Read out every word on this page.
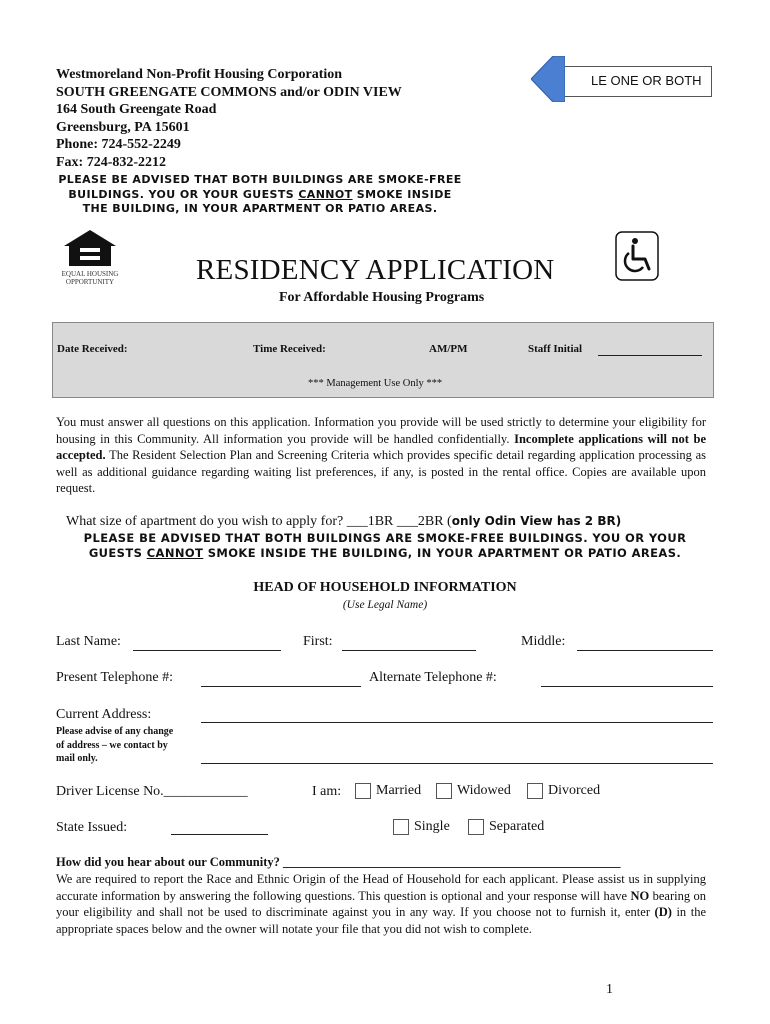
Westmoreland Non-Profit Housing Corporation
SOUTH GREENGATE COMMONS and/or ODIN VIEW
164 South Greengate Road
Greensburg, PA 15601
Phone: 724-552-2249
Fax: 724-832-2212
LE ONE OR BOTH
PLEASE BE ADVISED THAT BOTH BUILDINGS ARE SMOKE-FREE
BUILDINGS. YOU OR YOUR GUESTS CANNOT SMOKE INSIDE
THE BUILDING, IN YOUR APARTMENT OR PATIO AREAS.
EQUAL HOUSING
OPPORTUNITY	RESIDENCY APPLICATION
For Affordable Housing Programs
Date Received:	Time Received:	AM/PM	Staff Initial
*** Management Use Only ***
You must answer all questions on this application. Information you provide will be used strictly to determine your eligibility for housing in this Community. All information you provide will be handled confidentially. Incomplete applications will not be accepted. The Resident Selection Plan and Screening Criteria which provides specific detail regarding application processing as well as additional guidance regarding waiting list preferences, if any, is posted in the rental office. Copies are available upon request.
What size of apartment do you wish to apply for? ___1BR ___2BR (only Odin View has 2 BR)
PLEASE BE ADVISED THAT BOTH BUILDINGS ARE SMOKE-FREE BUILDINGS. YOU OR YOUR
GUESTS CANNOT SMOKE INSIDE THE BUILDING, IN YOUR APARTMENT OR PATIO AREAS.
HEAD OF HOUSEHOLD INFORMATION
(Use Legal Name)
Last Name:	First:	Middle:
Present Telephone #:	Alternate Telephone #:
Current Address:
Please advise of any change
of address – we contact by
mail only.
Driver License No.____________	I am: Married	Widowed	Divorced
State Issued:	Single	Separated
How did you hear about our Community? ______________________________________________________
We are required to report the Race and Ethnic Origin of the Head of Household for each applicant. Please assist us in supplying accurate information by answering the following questions. This question is optional and your response will have NO bearing on your eligibility and shall not be used to discriminate against you in any way. If you choose not to furnish it, enter (D) in the appropriate spaces below and the owner will notate your file that you did not wish to complete.
1
